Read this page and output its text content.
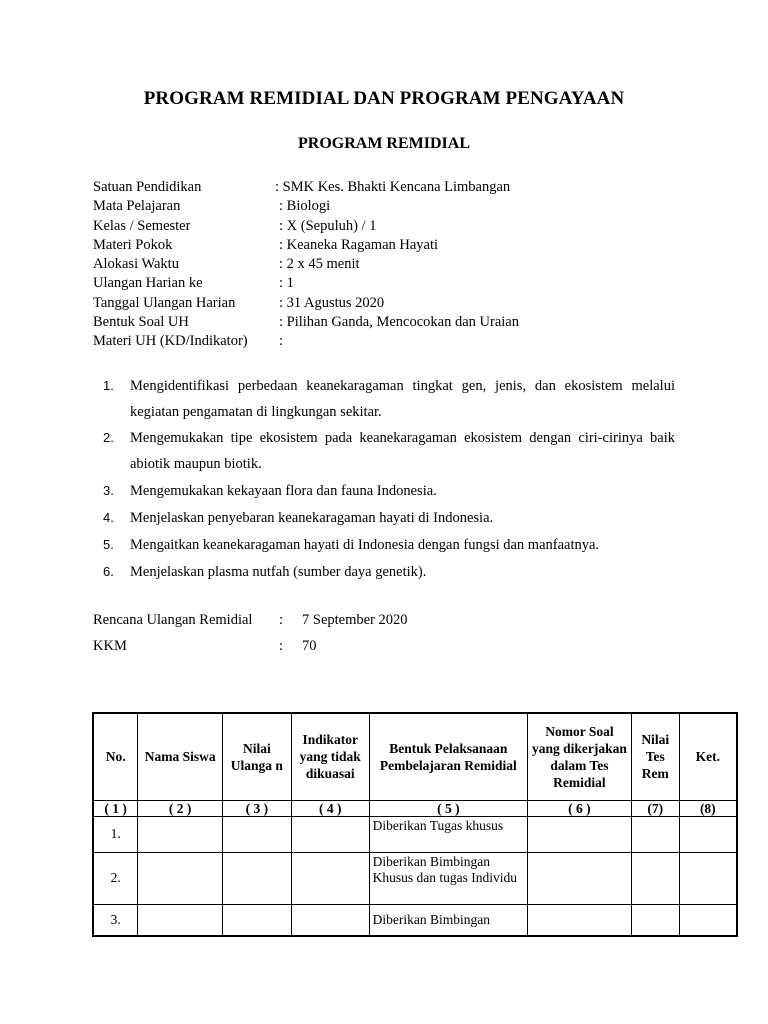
PROGRAM REMIDIAL DAN PROGRAM PENGAYAAN
PROGRAM REMIDIAL
Satuan Pendidikan	: SMK Kes. Bhakti Kencana Limbangan
Mata Pelajaran	: Biologi
Kelas / Semester	: X (Sepuluh) / 1
Materi Pokok	: Keaneka Ragaman Hayati
Alokasi Waktu	: 2 x 45 menit
Ulangan Harian ke	: 1
Tanggal Ulangan Harian	: 31 Agustus 2020
Bentuk Soal UH	: Pilihan Ganda, Mencocokan dan Uraian
Materi UH (KD/Indikator) :
1. Mengidentifikasi perbedaan keanekaragaman tingkat gen, jenis, dan ekosistem melalui kegiatan pengamatan di lingkungan sekitar.
2. Mengemukakan tipe ekosistem pada keanekaragaman ekosistem dengan ciri-cirinya baik abiotik maupun biotik.
3. Mengemukakan kekayaan flora dan fauna Indonesia.
4. Menjelaskan penyebaran keanekaragaman hayati di Indonesia.
5. Mengaitkan keanekaragaman hayati di Indonesia dengan fungsi dan manfaatnya.
6. Menjelaskan plasma nutfah (sumber daya genetik).
Rencana Ulangan Remidial : 7 September 2020
KKM	: 70
No.	Nama Siswa	Nilai Ulanga n	Indikator yang tidak dikuasai	Bentuk Pelaksanaan Pembelajaran Remidial	Nomor Soal yang dikerjakan dalam Tes Remidial	Nilai Tes Rem	Ket.
( 1 )	( 2 )	( 3 )	( 4 )	( 5 )	( 6 )	(7)	(8)
1.				Diberikan Tugas khusus			
2.				Diberikan Bimbingan Khusus dan tugas Individu			
3.				Diberikan Bimbingan			
